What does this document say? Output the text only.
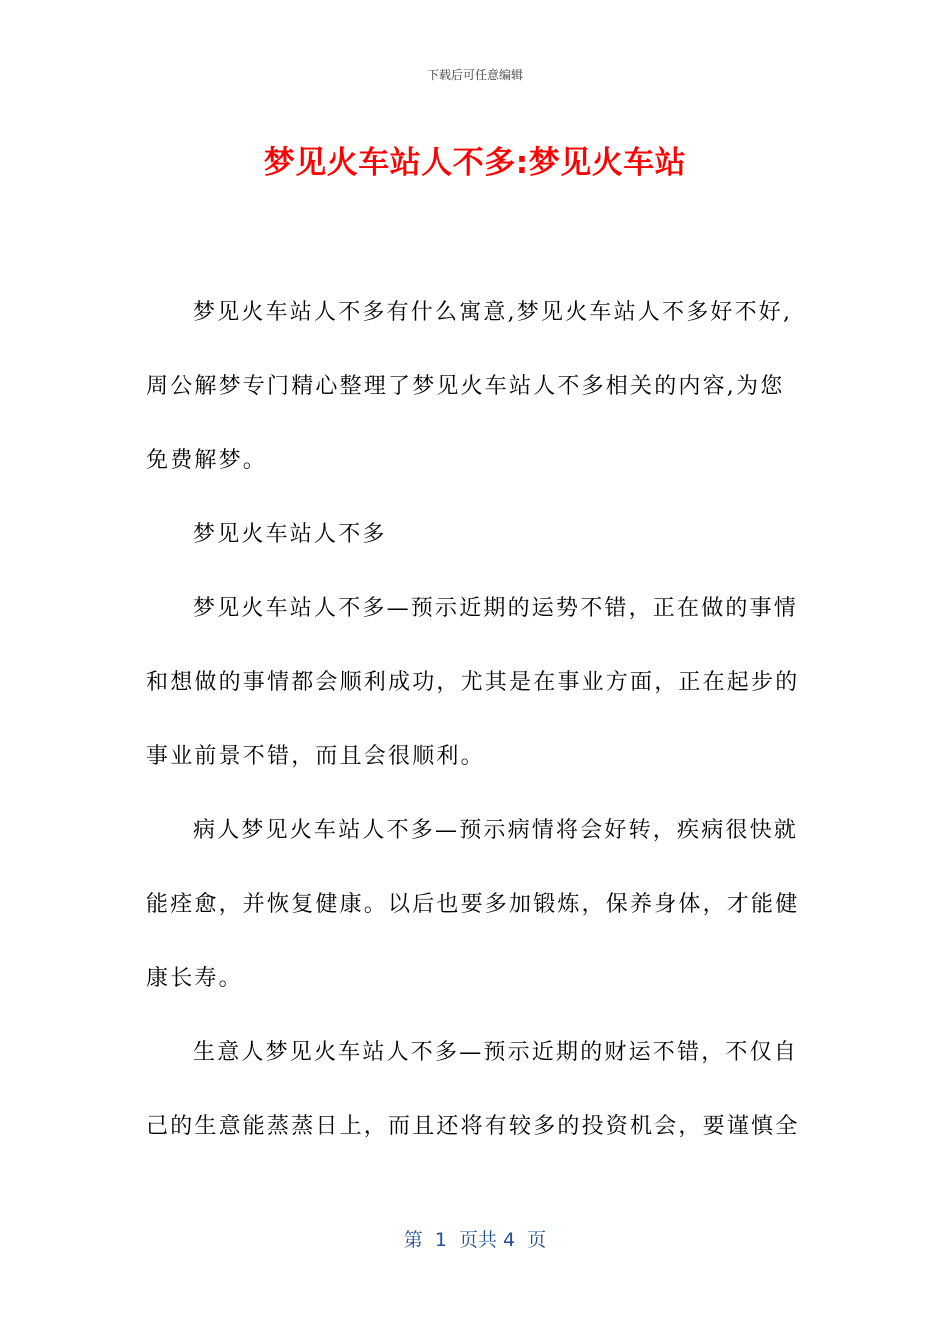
下载后可任意编辑
梦见火车站人不多:梦见火车站

梦见火车站人不多有什么寓意,梦见火车站人不多好不好,周公解梦专门精心整理了梦见火车站人不多相关的内容,为您免费解梦。

梦见火车站人不多

梦见火车站人不多—预示近期的运势不错，正在做的事情和想做的事情都会顺利成功，尤其是在事业方面，正在起步的事业前景不错，而且会很顺利。

病人梦见火车站人不多—预示病情将会好转，疾病很快就能痊愈，并恢复健康。以后也要多加锻炼，保养身体，才能健康长寿。

生意人梦见火车站人不多—预示近期的财运不错，不仅自己的生意能蒸蒸日上，而且还将有较多的投资机会，要谨慎全

第  1  页共 4  页
